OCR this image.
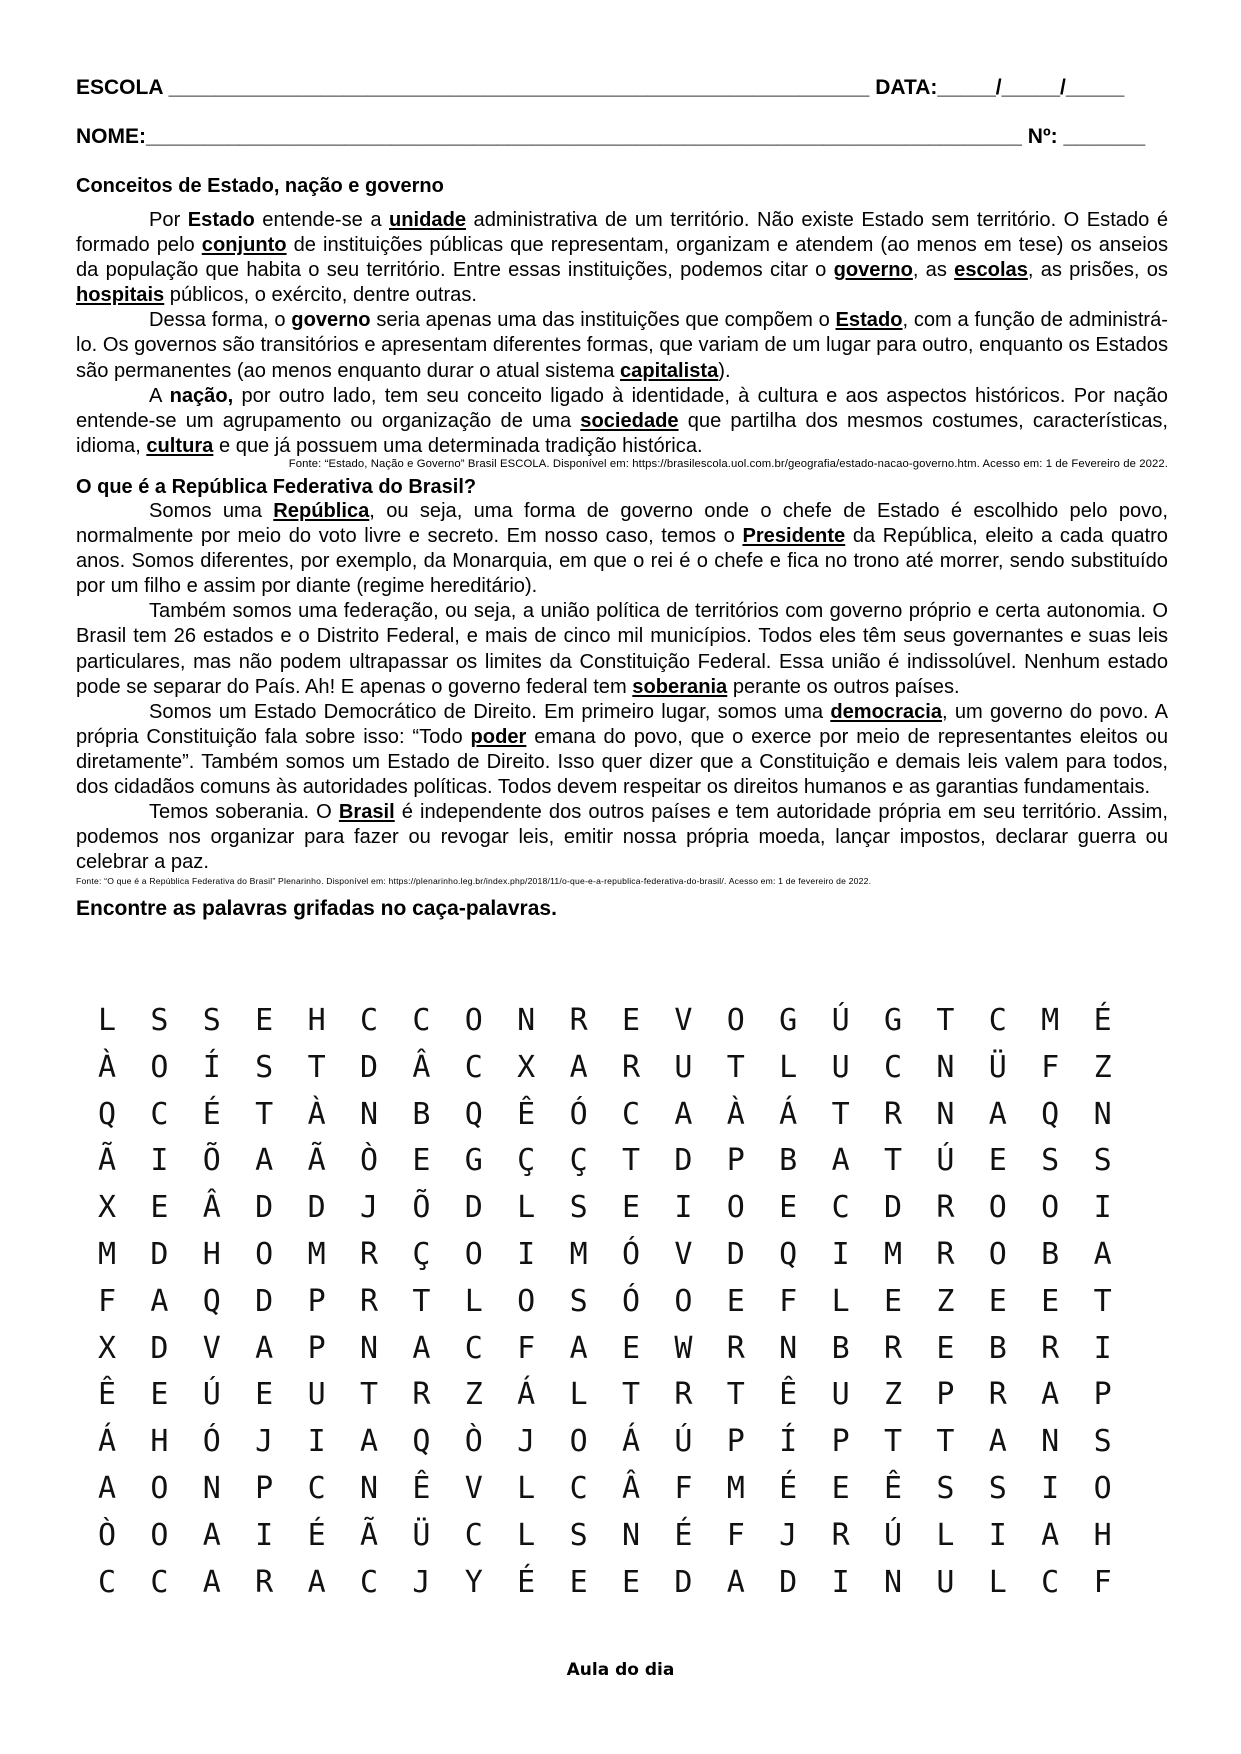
ESCOLA ____________________________________________________________ DATA:_____/_____/_____
NOME:___________________________________________________________________________ Nº: _______
Conceitos de Estado, nação e governo

Por Estado entende-se a unidade administrativa de um território. Não existe Estado sem território. O Estado é formado pelo conjunto de instituições públicas que representam, organizam e atendem (ao menos em tese) os anseios da população que habita o seu território. Entre essas instituições, podemos citar o governo, as escolas, as prisões, os hospitais públicos, o exército, dentre outras.

Dessa forma, o governo seria apenas uma das instituições que compõem o Estado, com a função de administrá-lo. Os governos são transitórios e apresentam diferentes formas, que variam de um lugar para outro, enquanto os Estados são permanentes (ao menos enquanto durar o atual sistema capitalista).

A nação, por outro lado, tem seu conceito ligado à identidade, à cultura e aos aspectos históricos. Por nação entende-se um agrupamento ou organização de uma sociedade que partilha dos mesmos costumes, características, idioma, cultura e que já possuem uma determinada tradição histórica.

Fonte: “Estado, Nação e Governo” Brasil ESCOLA. Disponível em: https://brasilescola.uol.com.br/geografia/estado-nacao-governo.htm. Acesso em: 1 de Fevereiro de 2022.
O que é a República Federativa do Brasil?

Somos uma República, ou seja, uma forma de governo onde o chefe de Estado é escolhido pelo povo, normalmente por meio do voto livre e secreto. Em nosso caso, temos o Presidente da República, eleito a cada quatro anos. Somos diferentes, por exemplo, da Monarquia, em que o rei é o chefe e fica no trono até morrer, sendo substituído por um filho e assim por diante (regime hereditário).

Também somos uma federação, ou seja, a união política de territórios com governo próprio e certa autonomia. O Brasil tem 26 estados e o Distrito Federal, e mais de cinco mil municípios. Todos eles têm seus governantes e suas leis particulares, mas não podem ultrapassar os limites da Constituição Federal. Essa união é indissolúvel. Nenhum estado pode se separar do País. Ah! E apenas o governo federal tem soberania perante os outros países.

Somos um Estado Democrático de Direito. Em primeiro lugar, somos uma democracia, um governo do povo. A própria Constituição fala sobre isso: “Todo poder emana do povo, que o exerce por meio de representantes eleitos ou diretamente”. Também somos um Estado de Direito. Isso quer dizer que a Constituição e demais leis valem para todos, dos cidadãos comuns às autoridades políticas. Todos devem respeitar os direitos humanos e as garantias fundamentais.

Temos soberania. O Brasil é independente dos outros países e tem autoridade própria em seu território. Assim, podemos nos organizar para fazer ou revogar leis, emitir nossa própria moeda, lançar impostos, declarar guerra ou celebrar a paz.

Fonte: “O que é a República Federativa do Brasil” Plenarinho. Disponível em: https://plenarinho.leg.br/index.php/2018/11/o-que-e-a-republica-federativa-do-brasil/. Acesso em: 1 de fevereiro de 2022.
Encontre as palavras grifadas no caça-palavras.
L	S	S	E	H	C	C	O	N	R	E	V	O	G	Ú	G	T	C	M	É
À	O	Í	S	T	D	Â	C	X	A	R	U	T	L	U	C	N	Ü	F	Z
Q	C	É	T	À	N	B	Q	Ê	Ó	C	A	À	Á	T	R	N	A	Q	N
Ã	I	Õ	A	Ã	Ò	E	G	Ç	Ç	T	D	P	B	A	T	Ú	E	S	S
X	E	Â	D	D	J	Õ	D	L	S	E	I	O	E	C	D	R	O	O	I
M	D	H	O	M	R	Ç	O	I	M	Ó	V	D	Q	I	M	R	O	B	A
F	A	Q	D	P	R	T	L	O	S	Ó	O	E	F	L	E	Z	E	E	T
X	D	V	A	P	N	A	C	F	A	E	W	R	N	B	R	E	B	R	I
Ê	E	Ú	E	U	T	R	Z	Á	L	T	R	T	Ê	U	Z	P	R	A	P
Á	H	Ó	J	I	A	Q	Ò	J	O	Á	Ú	P	Í	P	T	T	A	N	S
A	O	N	P	C	N	Ê	V	L	C	Â	F	M	É	E	Ê	S	S	I	O
Ò	O	A	I	É	Ã	Ü	C	L	S	N	É	F	J	R	Ú	L	I	A	H
C	C	A	R	A	C	J	Y	É	E	E	D	A	D	I	N	U	L	C	F
Aula do dia
